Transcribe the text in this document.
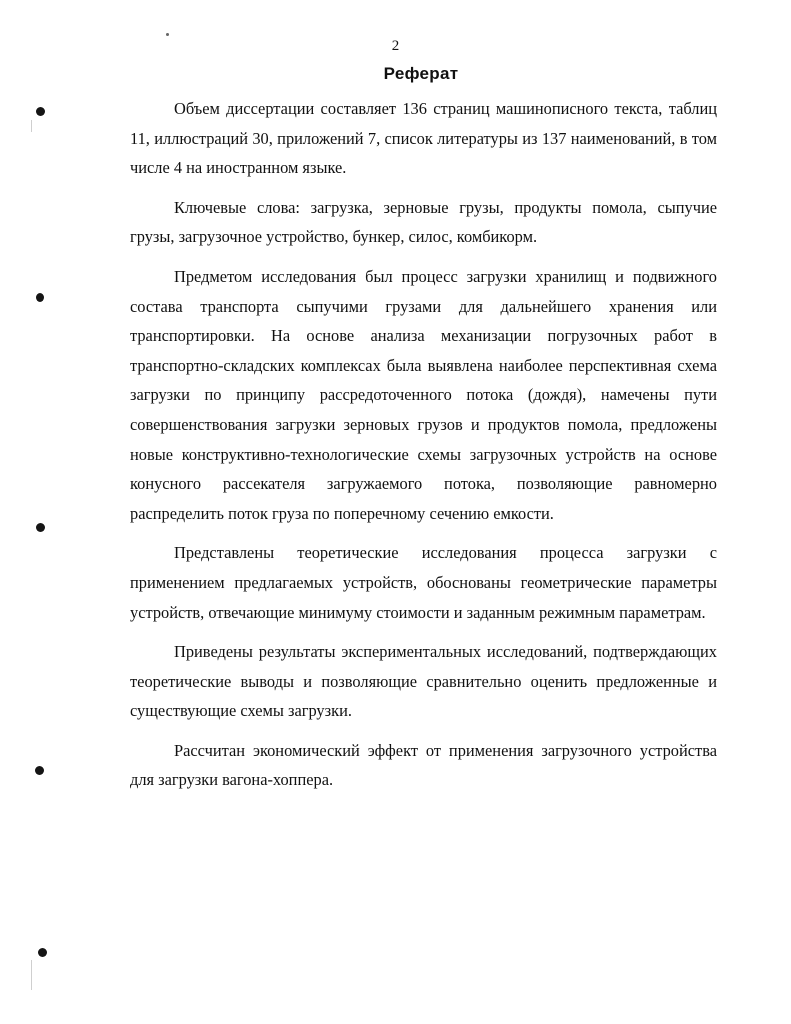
2
Реферат

Объем диссертации составляет 136 страниц машинописного текста, таблиц 11, иллюстраций 30, приложений 7, список литературы из 137 наименований, в том числе 4 на иностранном языке.

Ключевые слова: загрузка, зерновые грузы, продукты помола, сыпучие грузы, загрузочное устройство, бункер, силос, комбикорм.

Предметом исследования был процесс загрузки хранилищ и подвижного состава транспорта сыпучими грузами для дальнейшего хранения или транспортировки. На основе анализа механизации погрузочных работ в транспортно-складских комплексах была выявлена наиболее перспективная схема загрузки по принципу рассредоточенного потока (дождя), намечены пути совершенствования загрузки зерновых грузов и продуктов помола, предложены новые конструктивно-технологические схемы загрузочных устройств на основе конусного рассекателя загружаемого потока, позволяющие равномерно распределить поток груза по поперечному сечению емкости.

Представлены теоретические исследования процесса загрузки с применением предлагаемых устройств, обоснованы геометрические параметры устройств, отвечающие минимуму стоимости и заданным режимным параметрам.

Приведены результаты экспериментальных исследований, подтверждающих теоретические выводы и позволяющие сравнительно оценить предложенные и существующие схемы загрузки.

Рассчитан экономический эффект от применения загрузочного устройства для загрузки вагона-хоппера.
